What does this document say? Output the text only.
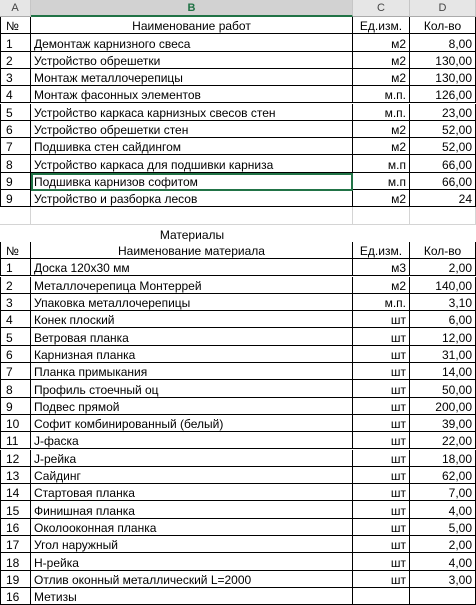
A	B	C	D
№	Наименование работ	Ед.изм.	Кол-во
1	Демонтаж карнизного свеса	м2	8,00
2	Устройство обрешетки	м2	130,00
3	Монтаж металлочерепицы	м2	130,00
4	Монтаж фасонных элементов	м.п.	126,00
5	Устройство каркаса карнизных свесов стен	м.п.	23,00
6	Устройство обрешетки стен	м2	52,00
7	Подшивка стен сайдингом	м2	52,00
8	Устройство каркаса для подшивки карниза	м.п	66,00
9	Подшивка карнизов софитом	м.п	66,00
9	Устройство и разборка лесов	м2	24
Материалы
№	Наименование материала	Ед.изм.	Кол-во
1	Доска 120х30 мм	м3	2,00
2	Металлочерепица Монтеррей	м2	140,00
3	Упаковка металлочерепицы	м.п.	3,10
4	Конек плоский	шт	6,00
5	Ветровая планка	шт	12,00
6	Карнизная планка	шт	31,00
7	Планка примыкания	шт	14,00
8	Профиль стоечный оц	шт	50,00
9	Подвес прямой	шт	200,00
10	Софит комбинированный (белый)	шт	39,00
11	J-фаска	шт	22,00
12	J-рейка	шт	18,00
13	Сайдинг	шт	62,00
14	Стартовая планка	шт	7,00
15	Финишная планка	шт	4,00
16	Околооконная планка	шт	5,00
17	Угол наружный	шт	2,00
18	Н-рейка	шт	4,00
19	Отлив оконный металлический L=2000	шт	3,00
16	Метизы
